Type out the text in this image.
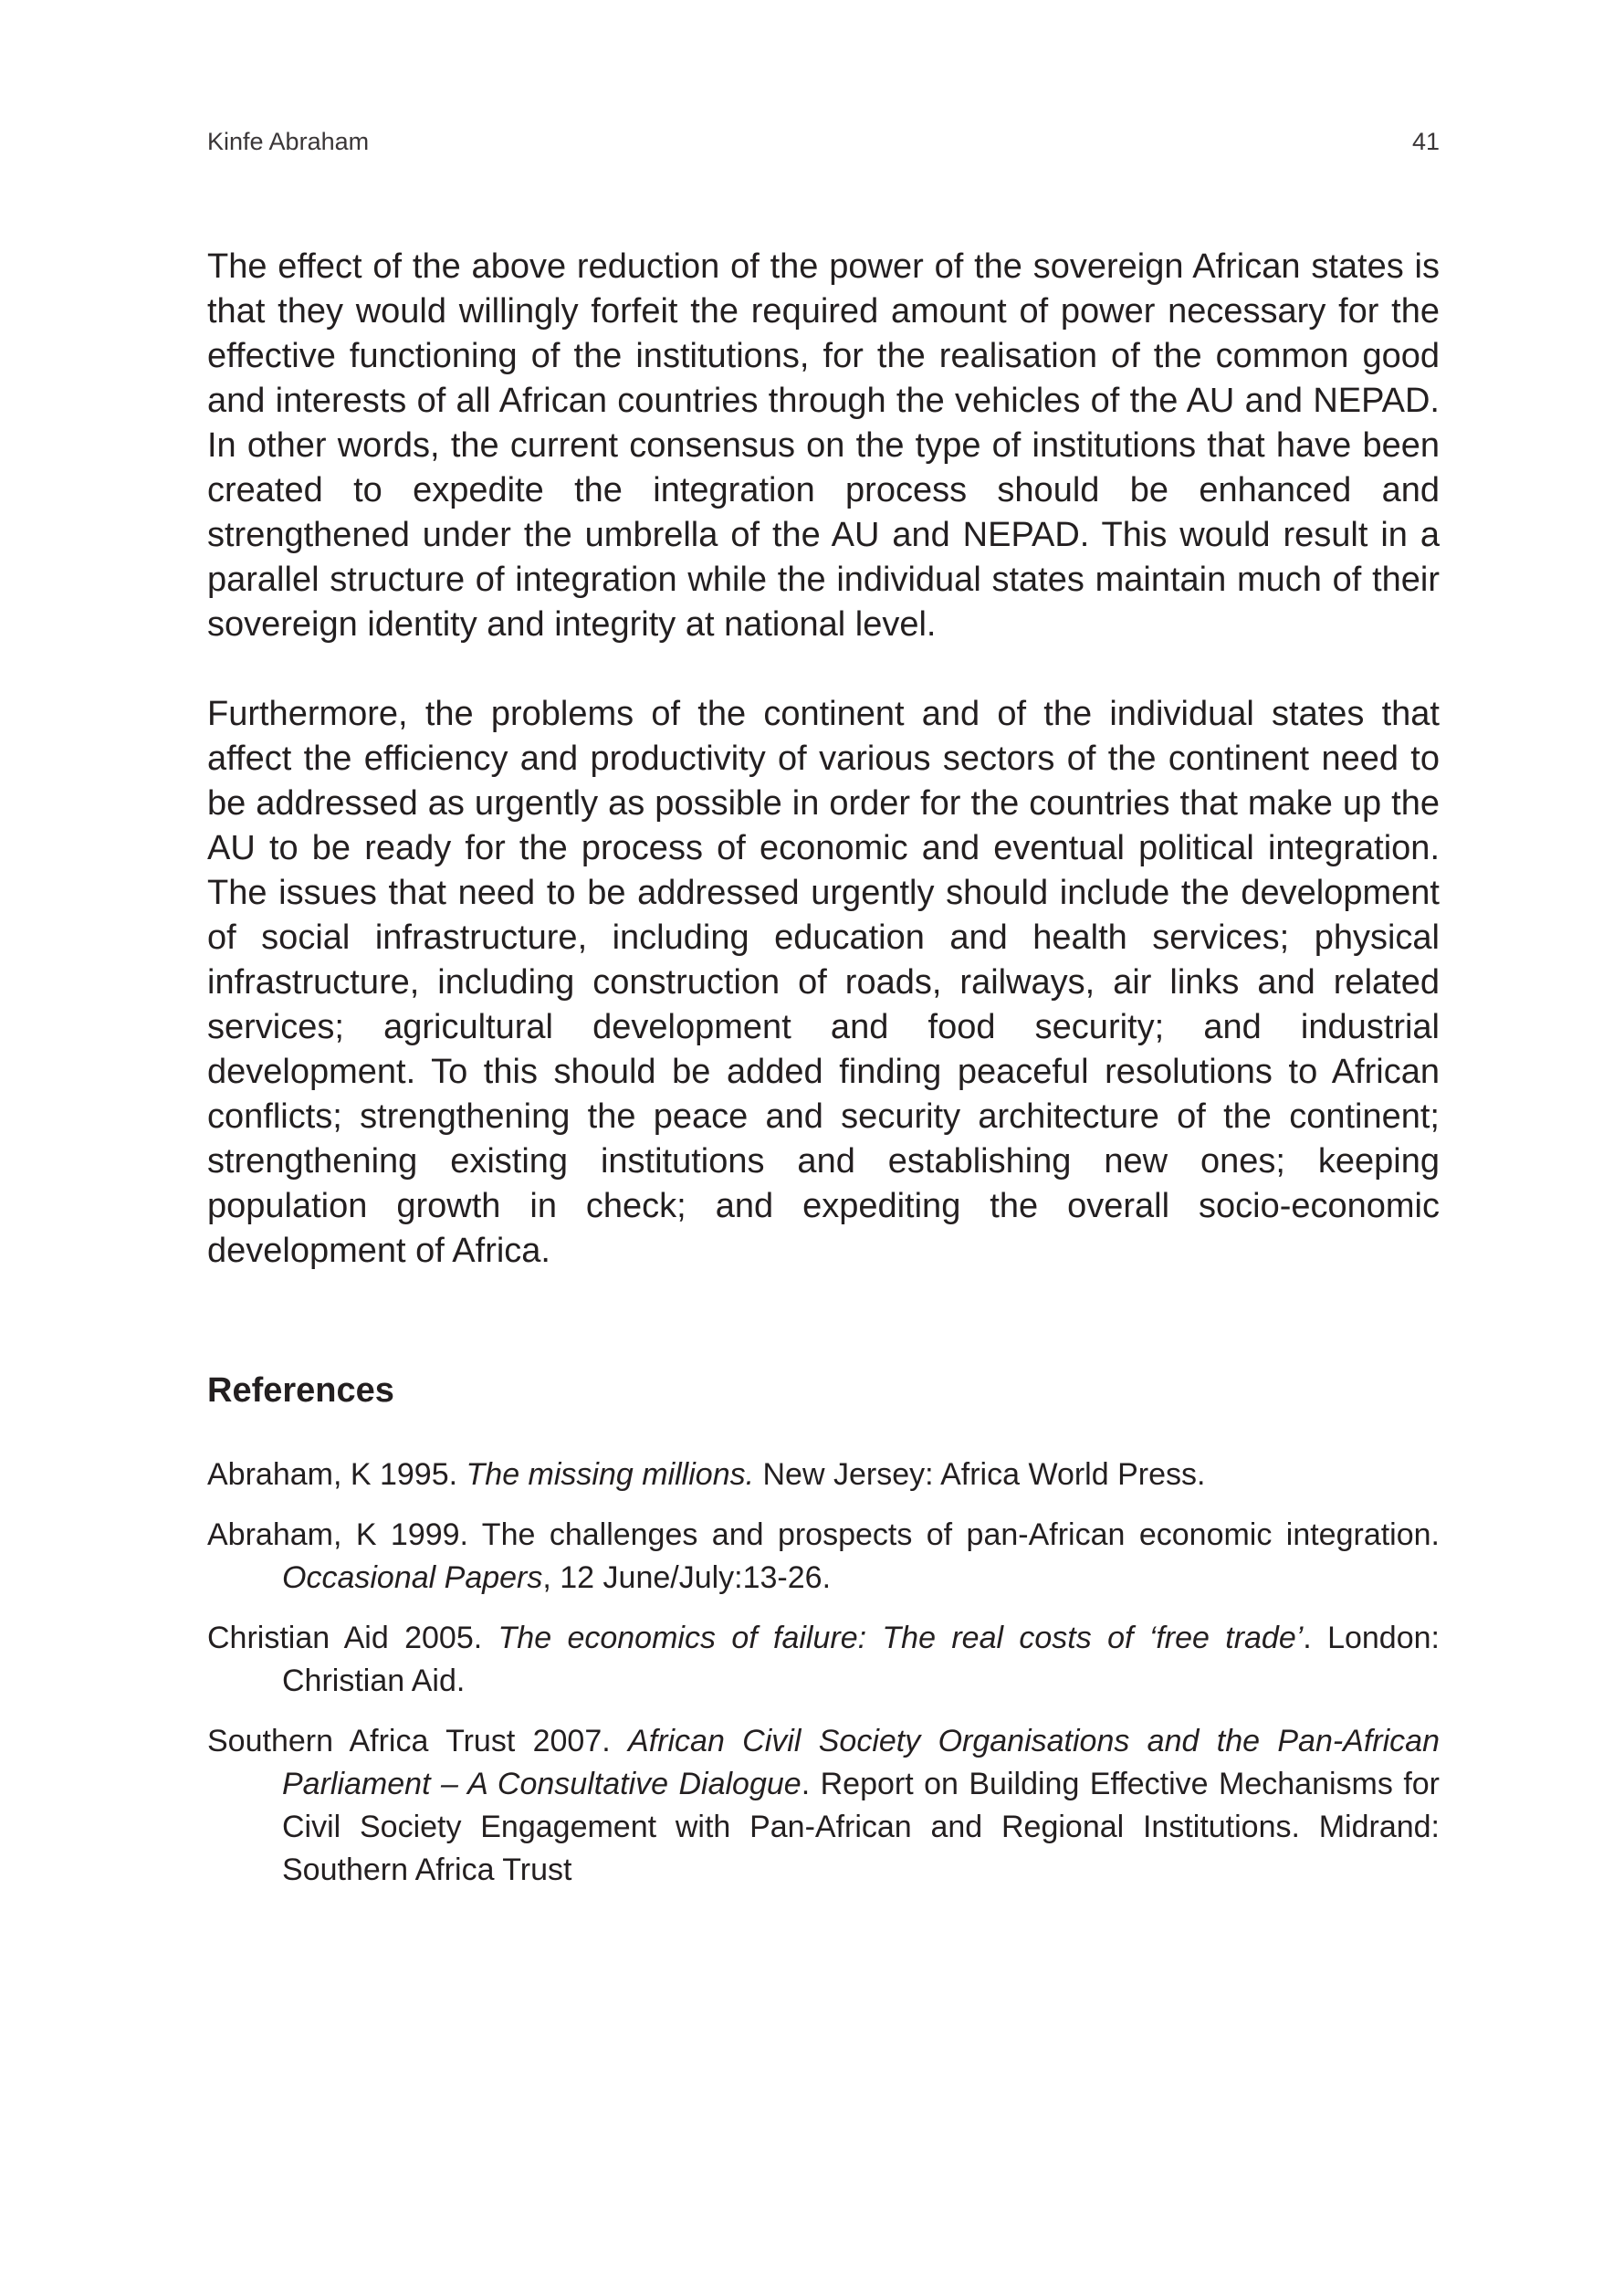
Kinfe Abraham	41

The effect of the above reduction of the power of the sovereign African states is that they would willingly forfeit the required amount of power necessary for the effective functioning of the institutions, for the realisation of the common good and interests of all African countries through the vehicles of the AU and NEPAD. In other words, the current consensus on the type of institutions that have been created to expedite the integration process should be enhanced and strengthened under the umbrella of the AU and NEPAD. This would result in a parallel structure of integration while the individual states maintain much of their sovereign identity and integrity at national level.

Furthermore, the problems of the continent and of the individual states that affect the efficiency and productivity of various sectors of the continent need to be addressed as urgently as possible in order for the countries that make up the AU to be ready for the process of economic and eventual political integration. The issues that need to be addressed urgently should include the development of social infrastructure, including education and health services; physical infrastructure, including construction of roads, railways, air links and related services; agricultural development and food security; and industrial development. To this should be added finding peaceful resolutions to African conflicts; strengthening the peace and security architecture of the continent; strengthening existing institutions and establishing new ones; keeping population growth in check; and expediting the overall socio-economic development of Africa.

References
Abraham, K 1995. The missing millions. New Jersey: Africa World Press.
Abraham, K 1999. The challenges and prospects of pan-African economic integration. Occasional Papers, 12 June/July:13-26.
Christian Aid 2005. The economics of failure: The real costs of ‘free trade’. London: Christian Aid.
Southern Africa Trust 2007. African Civil Society Organisations and the Pan-African Parliament – A Consultative Dialogue. Report on Building Effective Mechanisms for Civil Society Engagement with Pan-African and Regional Institutions. Midrand: Southern Africa Trust
